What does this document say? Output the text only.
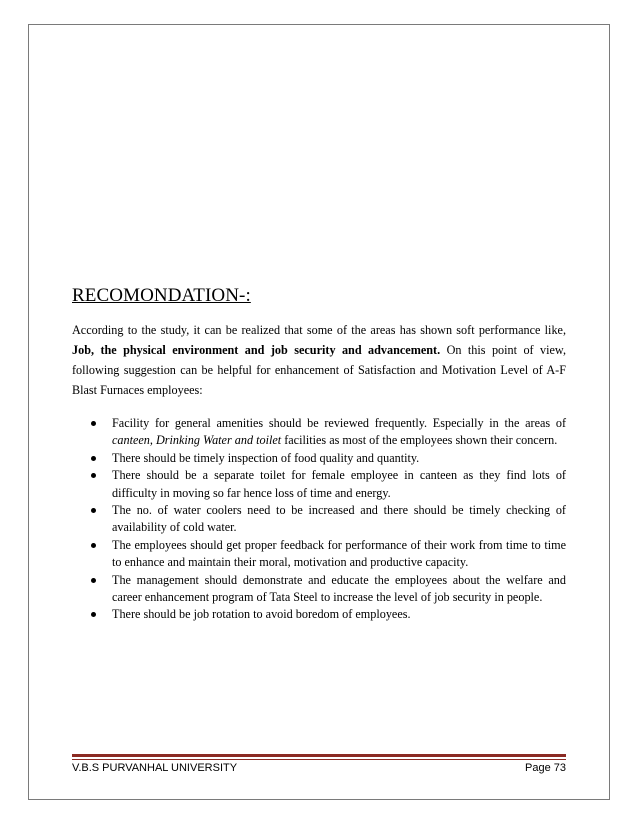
RECOMONDATION-:

According to the study, it can be realized that some of the areas has shown soft performance like, Job, the physical environment and job security and advancement. On this point of view, following suggestion can be helpful for enhancement of Satisfaction and Motivation Level of A-F Blast Furnaces employees:

Facility for general amenities should be reviewed frequently. Especially in the areas of canteen, Drinking Water and toilet facilities as most of the employees shown their concern.
There should be timely inspection of food quality and quantity.
There should be a separate toilet for female employee in canteen as they find lots of difficulty in moving so far hence loss of time and energy.
The no. of water coolers need to be increased and there should be timely checking of availability of cold water.
The employees should get proper feedback for performance of their work from time to time to enhance and maintain their moral, motivation and productive capacity.
The management should demonstrate and educate the employees about the welfare and career enhancement program of Tata Steel to increase the level of job security in people.
There should be job rotation to avoid boredom of employees.
V.B.S PURVANHAL UNIVERSITY	Page 73
